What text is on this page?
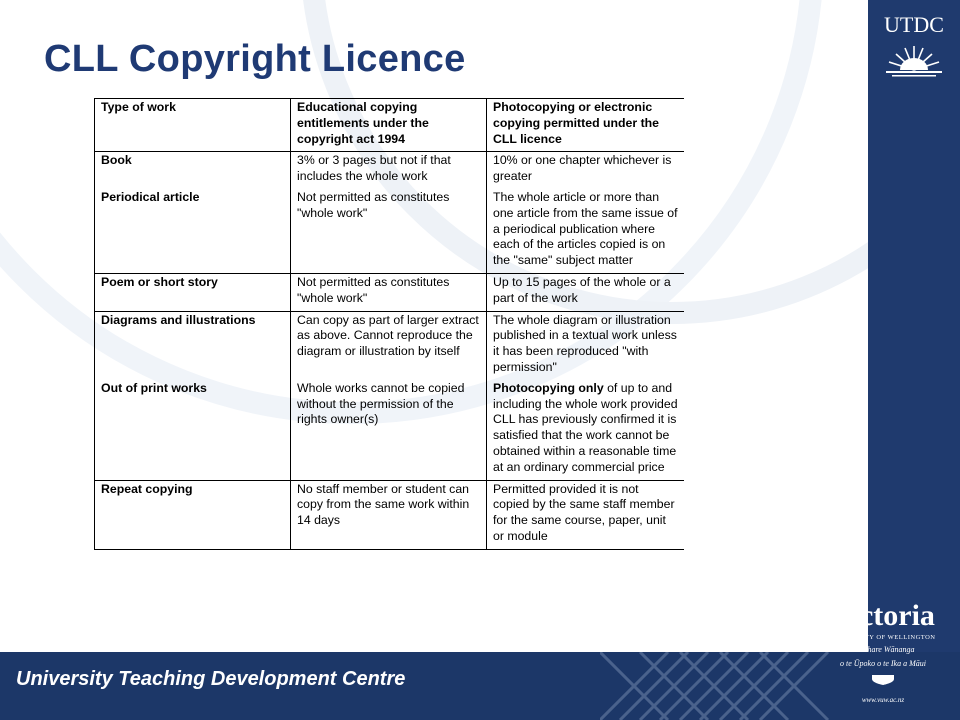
CLL Copyright Licence
UTDC
University Teaching Development Centre
Victoria
UNIVERSITY OF WELLINGTON
Te Whare Wānanga
o te Ūpoko o te Ika a Māui
www.vuw.ac.nz
Type of work	Educational copying entitlements under the copyright act 1994	Photocopying or electronic copying permitted under the CLL licence
Book	3% or 3 pages but not if that includes the whole work	10% or one chapter whichever is greater
Periodical article	Not permitted as constitutes "whole work"	The whole article or more than one article from the same issue of a periodical publication where each of the articles copied is on the "same" subject matter
Poem or short story	Not permitted as constitutes "whole work"	Up to 15 pages of the whole or a part of the work
Diagrams and illustrations	Can copy as part of larger extract as above. Cannot reproduce the diagram or illustration by itself	The whole diagram or illustration published in a textual work unless it has been reproduced "with permission"
Out of print works	Whole works cannot be copied without the permission of the rights owner(s)	Photocopying only of up to and including the whole work provided CLL has previously confirmed it is satisfied that the work cannot be obtained within a reasonable time at an ordinary commercial price
Repeat copying	No staff member or student can copy from the same work within 14 days	Permitted provided it is not copied by the same staff member for the same course, paper, unit or module
